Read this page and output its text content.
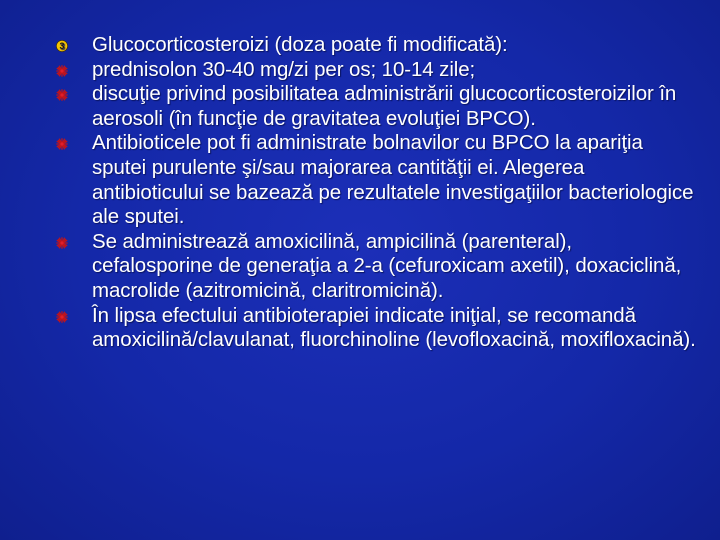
3 Glucocorticosteroizi (doza poate fi modificată):
prednisolon 30-40 mg/zi per os; 10-14 zile;
discuţie privind posibilitatea administrării glucocorticosteroizilor în aerosoli (în funcţie de gravitatea evoluţiei BPCO).
Antibioticele pot fi administrate bolnavilor cu BPCO la apariţia sputei purulente şi/sau majorarea cantităţii ei. Alegerea antibioticului se bazează pe rezultatele investigaţiilor bacteriologice ale sputei.
Se administrează amoxicilină, ampicilină (parenteral), cefalosporine de generaţia a 2-a (cefuroxicam axetil), doxaciclină, macrolide (azitromicină, claritromicină).
În lipsa efectului antibioterapiei indicate iniţial, se recomandă amoxicilină/clavulanat, fluorchinoline (levofloxacină, moxifloxacină).
